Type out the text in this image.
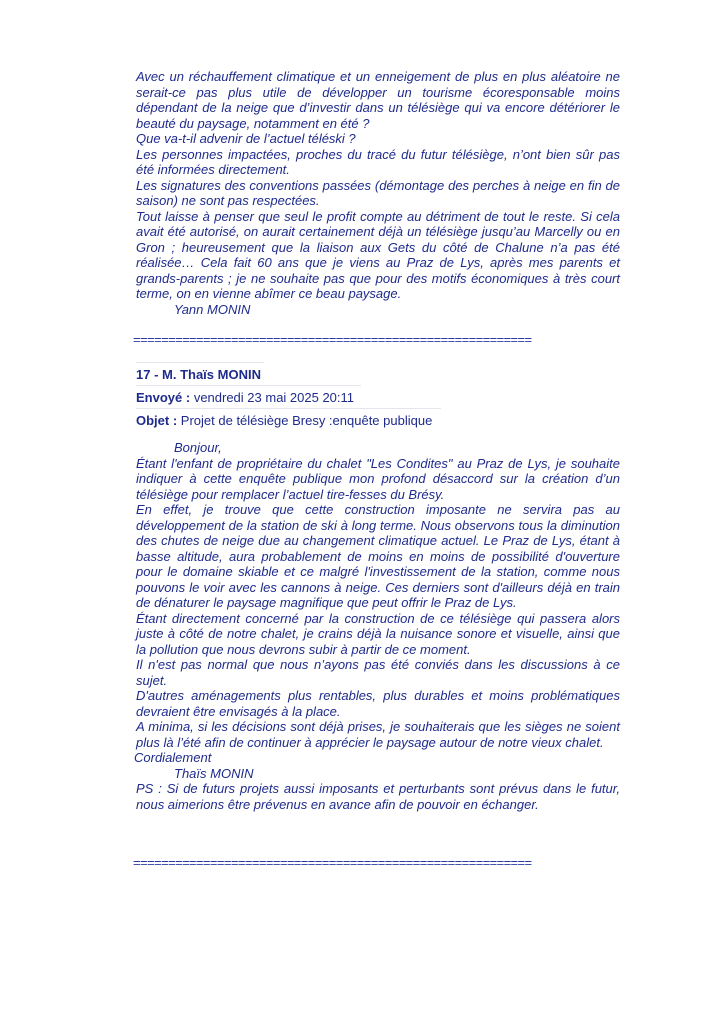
Avec un réchauffement climatique et un enneigement de plus en plus aléatoire ne serait-ce pas plus utile de développer un tourisme écoresponsable moins dépendant de la neige que d’investir dans un télésiège qui va encore détériorer le beauté du paysage, notamment en été ?
Que va-t-il advenir de l’actuel téléski ?
Les personnes impactées, proches du tracé du futur télésiège, n’ont bien sûr pas été informées directement.
Les signatures des conventions passées (démontage des perches à neige en fin de saison) ne sont pas respectées.
Tout laisse à penser que seul le profit compte au détriment de tout le reste. Si cela avait été autorisé, on aurait certainement déjà un télésiège jusqu’au Marcelly ou en Gron ; heureusement que la liaison aux Gets du côté de Chalune n’a pas été réalisée… Cela fait 60 ans que je viens au Praz de Lys, après mes parents et grands-parents ; je ne souhaite pas que pour des motifs économiques à très court terme, on en vienne abîmer ce beau paysage.
Yann MONIN
=========================================================
17 - M. Thaïs MONIN
Envoyé : vendredi 23 mai 2025 20:11
Objet : Projet de télésiège Bresy :enquête publique
Bonjour,
Étant l'enfant de propriétaire du chalet "Les Condites" au Praz de Lys, je souhaite indiquer à cette enquête publique mon profond désaccord sur la création d’un télésiège pour remplacer l’actuel tire-fesses du Brésy.
En effet, je trouve que cette construction imposante ne servira pas au développement de la station de ski à long terme. Nous observons tous la diminution des chutes de neige due au changement climatique actuel. Le Praz de Lys, étant à basse altitude, aura probablement de moins en moins de possibilité d'ouverture pour le domaine skiable et ce malgré l'investissement de la station, comme nous pouvons le voir avec les cannons à neige. Ces derniers sont d'ailleurs déjà en train de dénaturer le paysage magnifique que peut offrir le Praz de Lys.
Étant directement concerné par la construction de ce télésiège qui passera alors juste à côté de notre chalet, je crains déjà la nuisance sonore et visuelle, ainsi que la pollution que nous devrons subir à partir de ce moment.
Il n'est pas normal que nous n’ayons pas été conviés dans les discussions à ce sujet.
D'autres aménagements plus rentables, plus durables et moins problématiques devraient être envisagés à la place.
A minima, si les décisions sont déjà prises, je souhaiterais que les sièges ne soient plus là l’été afin de continuer à apprécier le paysage autour de notre vieux chalet.
Cordialement
Thaïs MONIN
PS : Si de futurs projets aussi imposants et perturbants sont prévus dans le futur, nous aimerions être prévenus en avance afin de pouvoir en échanger.
=========================================================
